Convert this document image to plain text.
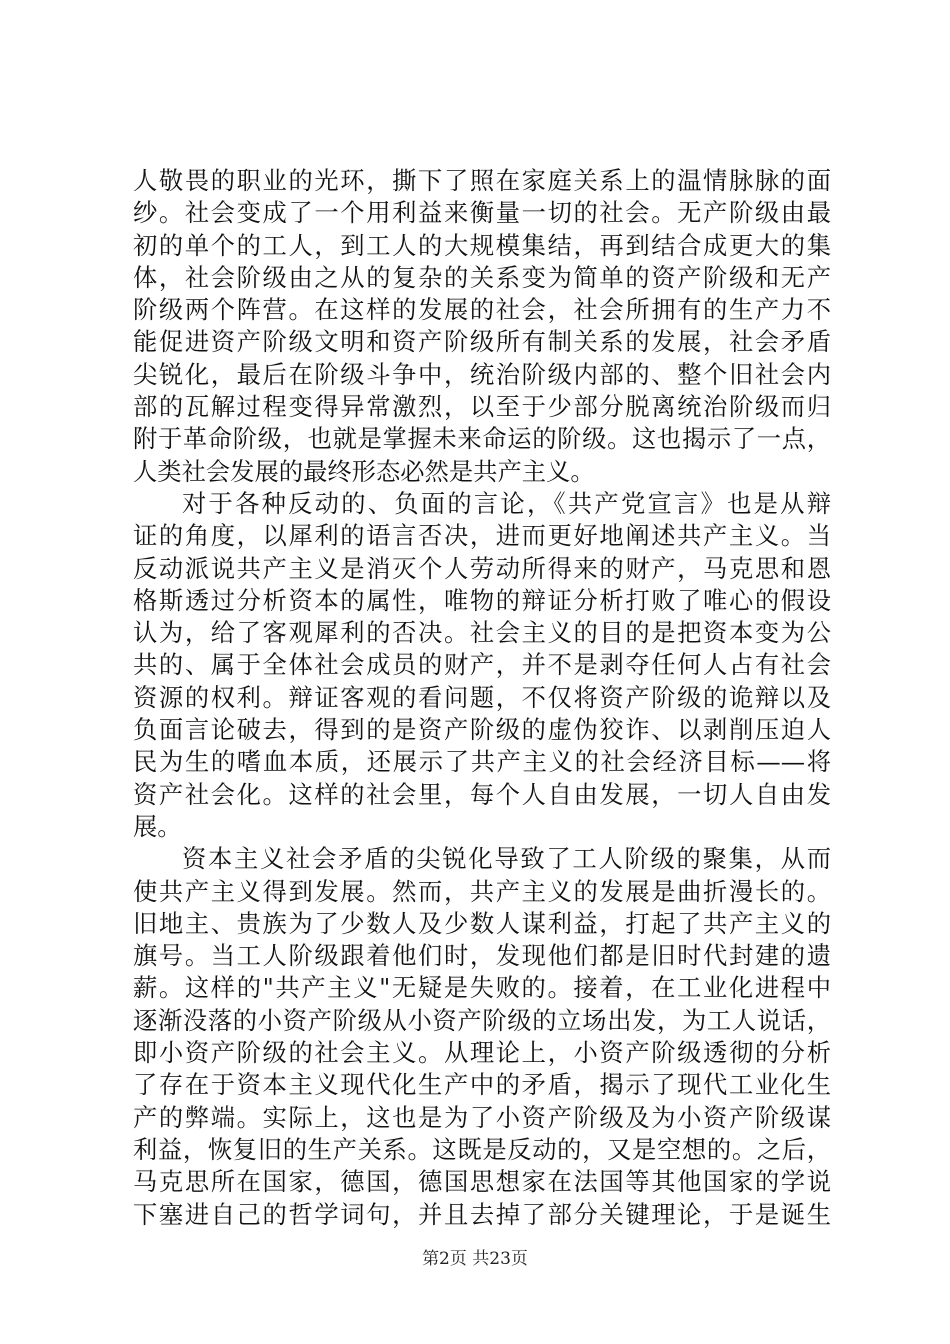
人敬畏的职业的光环，撕下了照在家庭关系上的温情脉脉的面
纱。社会变成了一个用利益来衡量一切的社会。无产阶级由最
初的单个的工人，到工人的大规模集结，再到结合成更大的集
体，社会阶级由之从的复杂的关系变为简单的资产阶级和无产
阶级两个阵营。在这样的发展的社会，社会所拥有的生产力不
能促进资产阶级文明和资产阶级所有制关系的发展，社会矛盾
尖锐化，最后在阶级斗争中，统治阶级内部的、整个旧社会内
部的瓦解过程变得异常激烈，以至于少部分脱离统治阶级而归
附于革命阶级，也就是掌握未来命运的阶级。这也揭示了一点，
人类社会发展的最终形态必然是共产主义。
对于各种反动的、负面的言论，《共产党宣言》也是从辩
证的角度，以犀利的语言否决，进而更好地阐述共产主义。当
反动派说共产主义是消灭个人劳动所得来的财产，马克思和恩
格斯透过分析资本的属性，唯物的辩证分析打败了唯心的假设
认为，给了客观犀利的否决。社会主义的目的是把资本变为公
共的、属于全体社会成员的财产，并不是剥夺任何人占有社会
资源的权利。辩证客观的看问题，不仅将资产阶级的诡辩以及
负面言论破去，得到的是资产阶级的虚伪狡诈、以剥削压迫人
民为生的嗜血本质，还展示了共产主义的社会经济目标——将
资产社会化。这样的社会里，每个人自由发展，一切人自由发
展。
资本主义社会矛盾的尖锐化导致了工人阶级的聚集，从而
使共产主义得到发展。然而，共产主义的发展是曲折漫长的。
旧地主、贵族为了少数人及少数人谋利益，打起了共产主义的
旗号。当工人阶级跟着他们时，发现他们都是旧时代封建的遗
薪。这样的"共产主义"无疑是失败的。接着，在工业化进程中
逐渐没落的小资产阶级从小资产阶级的立场出发，为工人说话，
即小资产阶级的社会主义。从理论上，小资产阶级透彻的分析
了存在于资本主义现代化生产中的矛盾，揭示了现代工业化生
产的弊端。实际上，这也是为了小资产阶级及为小资产阶级谋
利益，恢复旧的生产关系。这既是反动的，又是空想的。之后，
马克思所在国家，德国，德国思想家在法国等其他国家的学说
下塞进自己的哲学词句，并且去掉了部分关键理论，于是诞生
第2页 共23页
